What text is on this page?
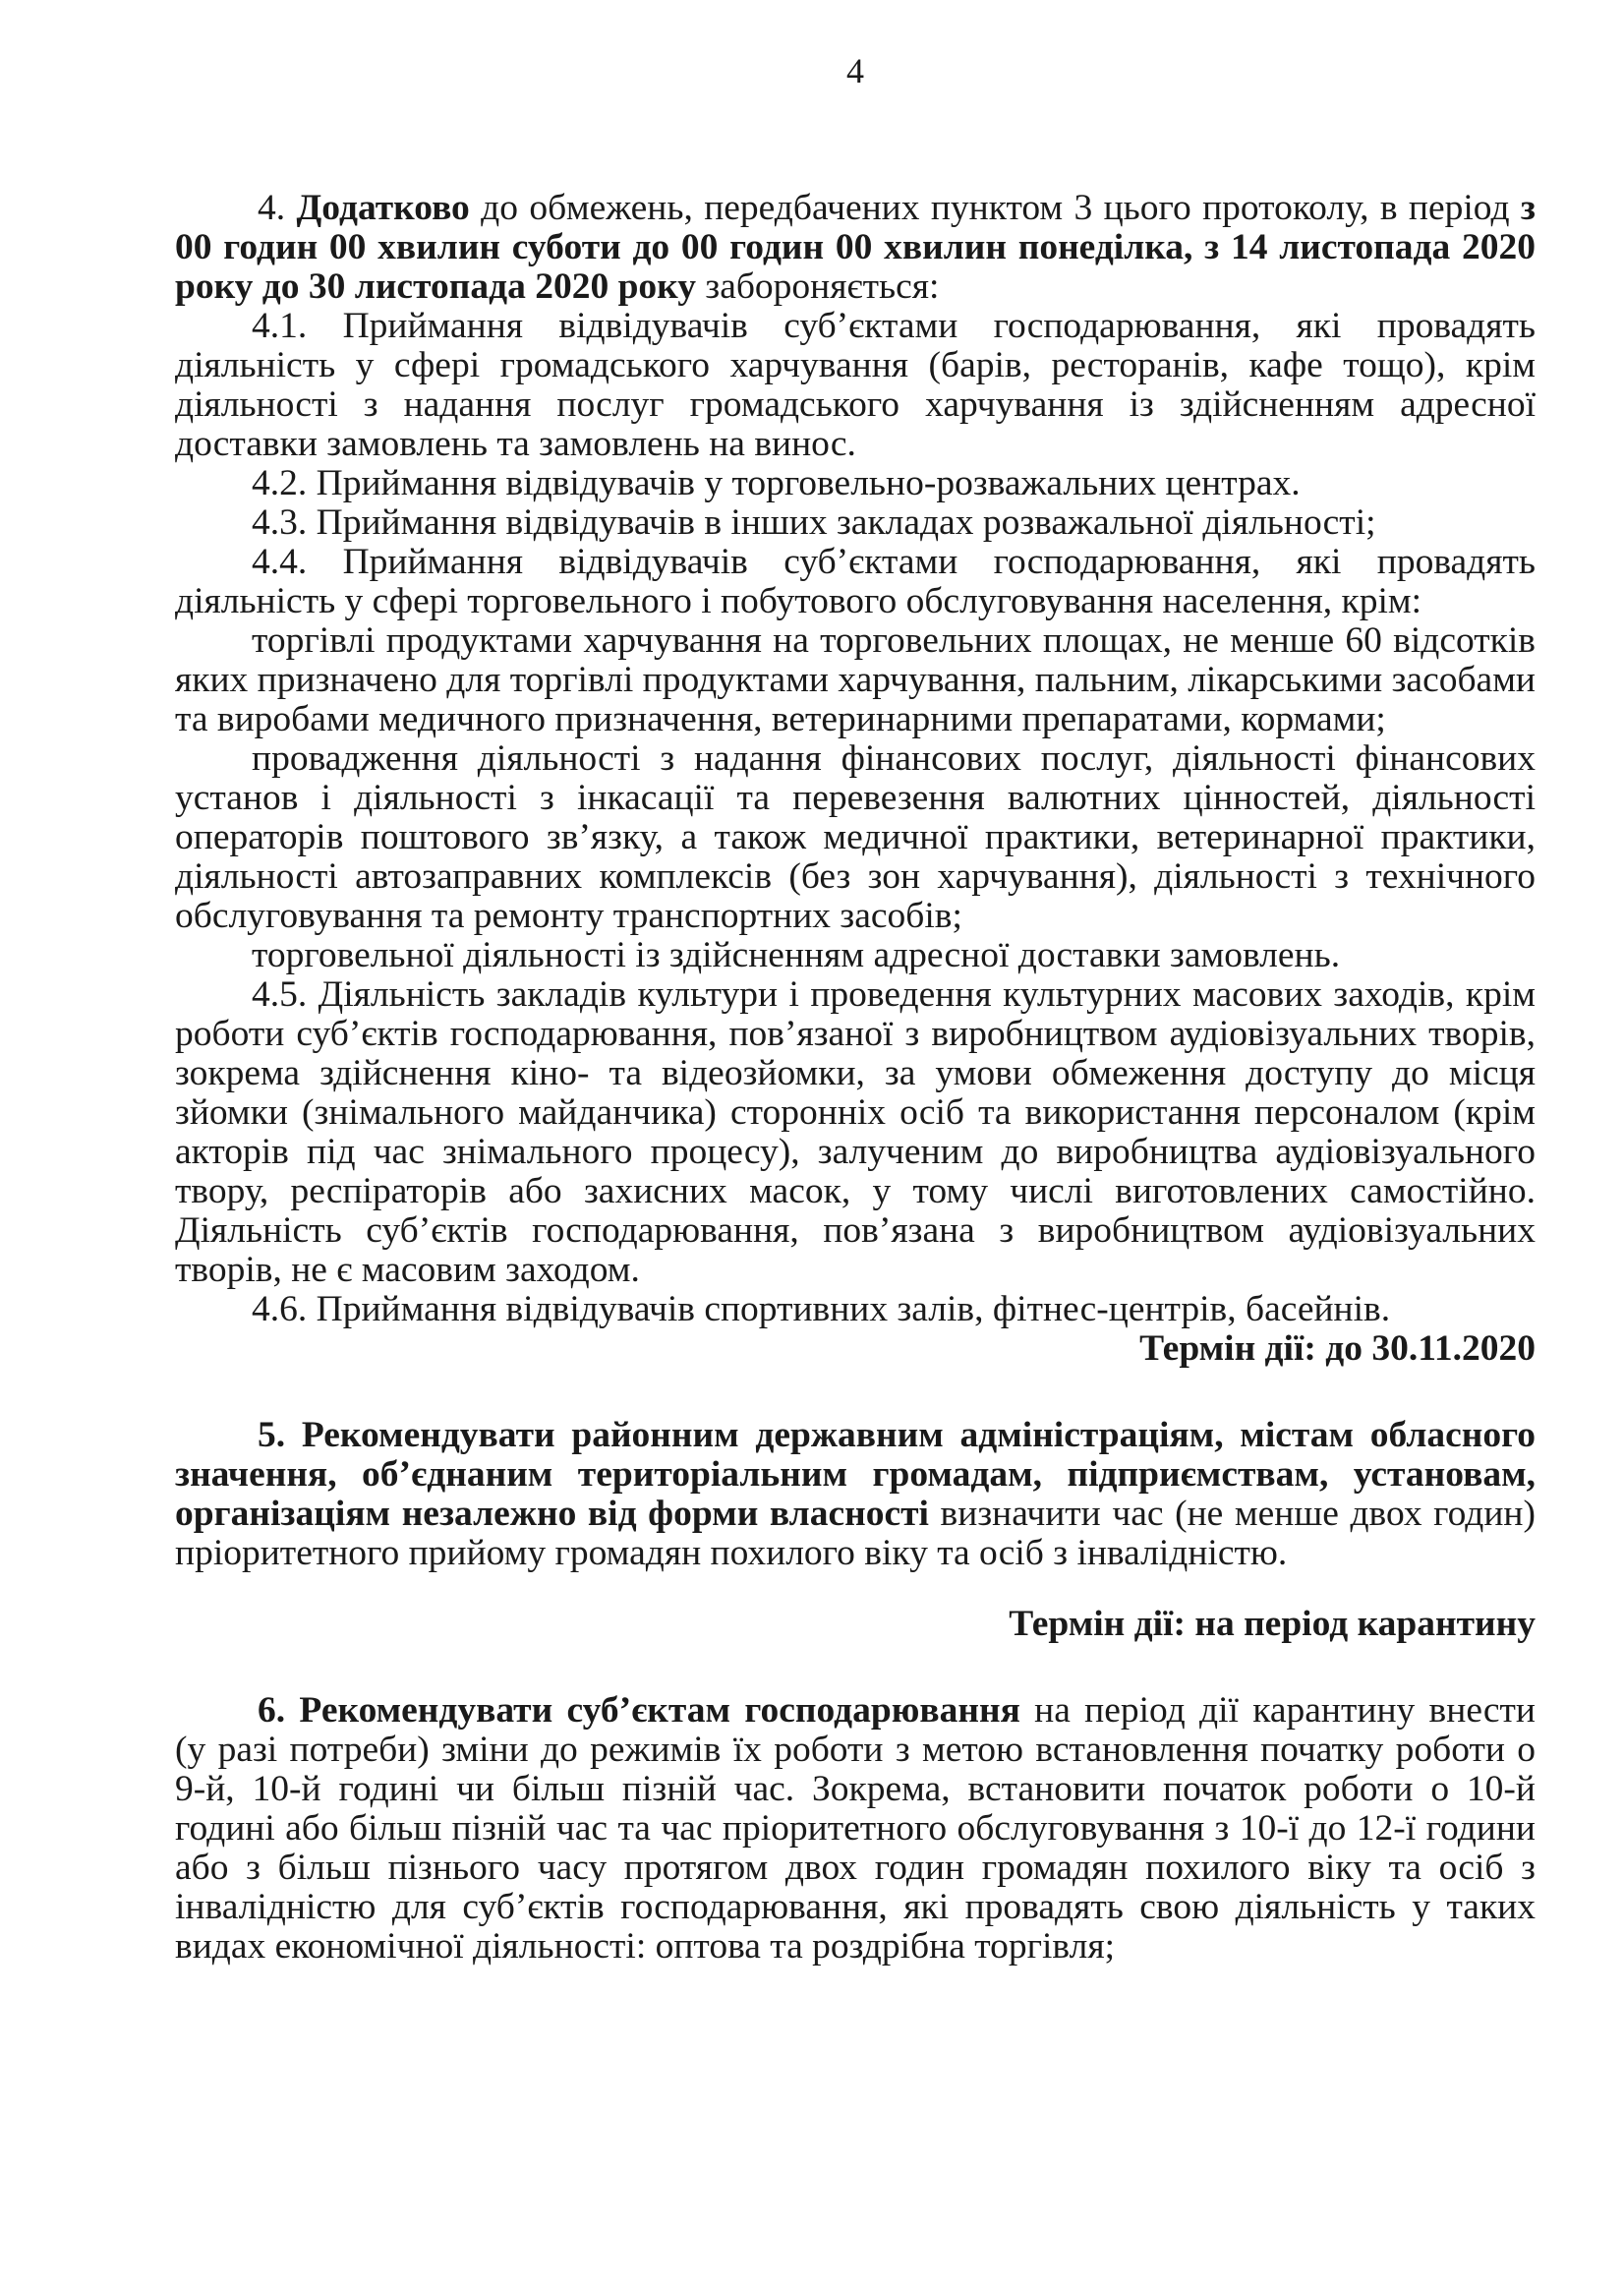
4

4. Додатково до обмежень, передбачених пунктом 3 цього протоколу, в період з 00 годин 00 хвилин суботи до 00 годин 00 хвилин понеділка, з 14 листопада 2020 року до 30 листопада 2020 року забороняється:

4.1. Приймання відвідувачів суб’єктами господарювання, які провадять діяльність у сфері громадського харчування (барів, ресторанів, кафе тощо), крім діяльності з надання послуг громадського харчування із здійсненням адресної доставки замовлень та замовлень на винос.

4.2. Приймання відвідувачів у торговельно-розважальних центрах.

4.3. Приймання відвідувачів в інших закладах розважальної діяльності;

4.4. Приймання відвідувачів суб’єктами господарювання, які провадять діяльність у сфері торговельного і побутового обслуговування населення, крім:

торгівлі продуктами харчування на торговельних площах, не менше 60 відсотків яких призначено для торгівлі продуктами харчування, пальним, лікарськими засобами та виробами медичного призначення, ветеринарними препаратами, кормами;

провадження діяльності з надання фінансових послуг, діяльності фінансових установ і діяльності з інкасації та перевезення валютних цінностей, діяльності операторів поштового зв’язку, а також медичної практики, ветеринарної практики, діяльності автозаправних комплексів (без зон харчування), діяльності з технічного обслуговування та ремонту транспортних засобів;

торговельної діяльності із здійсненням адресної доставки замовлень.

4.5. Діяльність закладів культури і проведення культурних масових заходів, крім роботи суб’єктів господарювання, пов’язаної з виробництвом аудіовізуальних творів, зокрема здійснення кіно- та відеозйомки, за умови обмеження доступу до місця зйомки (знімального майданчика) сторонніх осіб та використання персоналом (крім акторів під час знімального процесу), залученим до виробництва аудіовізуального твору, респіраторів або захисних масок, у тому числі виготовлених самостійно. Діяльність суб’єктів господарювання, пов’язана з виробництвом аудіовізуальних творів, не є масовим заходом.

4.6. Приймання відвідувачів спортивних залів, фітнес-центрів, басейнів.

Термін дії: до 30.11.2020

5. Рекомендувати районним державним адміністраціям, містам обласного значення, об’єднаним територіальним громадам, підприємствам, установам, організаціям незалежно від форми власності визначити час (не менше двох годин) пріоритетного прийому громадян похилого віку та осіб з інвалідністю.

Термін дії: на період карантину

6. Рекомендувати суб’єктам господарювання на період дії карантину внести (у разі потреби) зміни до режимів їх роботи з метою встановлення початку роботи о 9-й, 10-й годині чи більш пізній час. Зокрема, встановити початок роботи о 10-й годині або більш пізній час та час пріоритетного обслуговування з 10-ї до 12-ї години або з більш пізнього часу протягом двох годин громадян похилого віку та осіб з інвалідністю для суб’єктів господарювання, які провадять свою діяльність у таких видах економічної діяльності: оптова та роздрібна торгівля;
